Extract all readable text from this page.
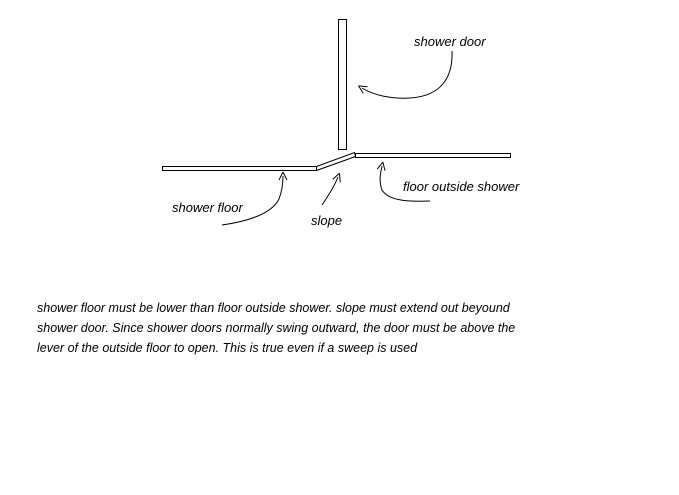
shower door
floor outside shower
shower floor
slope
shower floor must be lower than floor outside shower. slope must extend out beyound
shower door. Since shower doors normally swing outward, the door must be above the
lever of the outside floor to open. This is true even if a sweep is used
